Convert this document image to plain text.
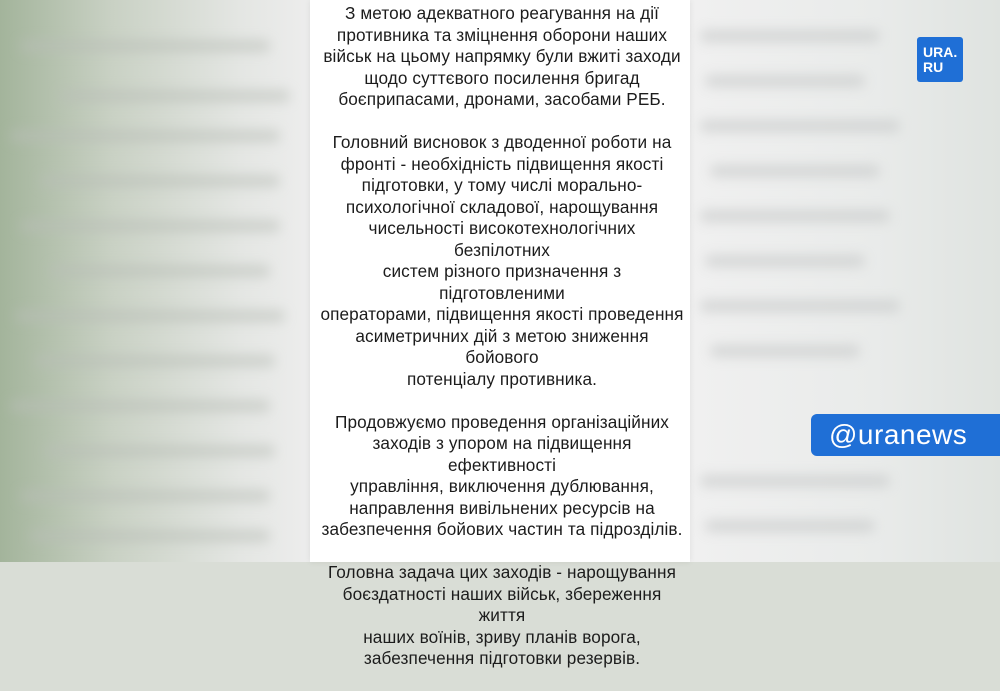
З метою адекватного реагування на дії
противника та зміцнення оборони наших
військ на цьому напрямку були вжиті заходи
щодо суттєвого посилення бригад
боєприпасами, дронами, засобами РЕБ.

Головний висновок з дводенної роботи на
фронті - необхідність підвищення якості
підготовки, у тому числі морально-
психологічної складової, нарощування
чисельності високотехнологічних безпілотних
систем різного призначення з підготовленими
операторами, підвищення якості проведення
асиметричних дій з метою зниження бойового
потенціалу противника.

Продовжуємо проведення організаційних
заходів з упором на підвищення ефективності
управління, виключення дублювання,
направлення вивільнених ресурсів на
забезпечення бойових частин та підрозділів.

Головна задача цих заходів - нарощування
боєздатності наших військ, збереження життя
наших воїнів, зриву планів ворога,
забезпечення підготовки резервів.

URA.
RU
@uranews
